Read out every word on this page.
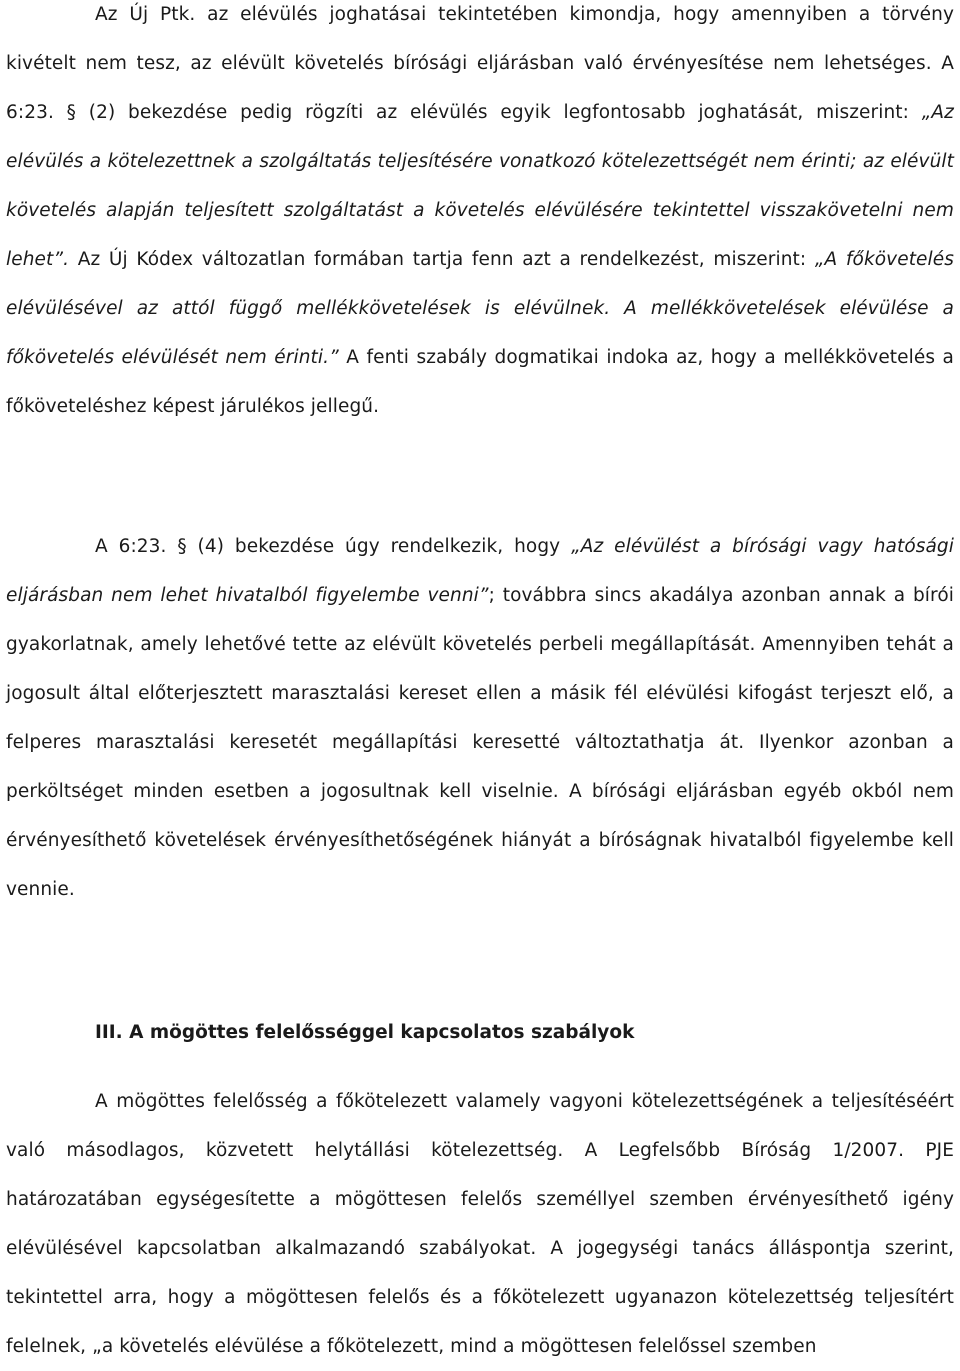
Az Új Ptk. az elévülés joghatásai tekintetében kimondja, hogy amennyiben a törvény kivételt nem tesz, az elévült követelés bírósági eljárásban való érvényesítése nem lehetséges. A 6:23. § (2) bekezdése pedig rögzíti az elévülés egyik legfontosabb joghatását, miszerint: „Az elévülés a kötelezettnek a szolgáltatás teljesítésére vonatkozó kötelezettségét nem érinti; az elévült követelés alapján teljesített szolgáltatást a követelés elévülésére tekintettel visszakövetelni nem lehet”. Az Új Kódex változatlan formában tartja fenn azt a rendelkezést, miszerint: „A főkövetelés elévülésével az attól függő mellékkövetelések is elévülnek. A mellékkövetelések elévülése a főkövetelés elévülését nem érinti.” A fenti szabály dogmatikai indoka az, hogy a mellékkövetelés a főköveteléshez képest járulékos jellegű.

A 6:23. § (4) bekezdése úgy rendelkezik, hogy „Az elévülést a bírósági vagy hatósági eljárásban nem lehet hivatalból figyelembe venni”; továbbra sincs akadálya azonban annak a bírói gyakorlatnak, amely lehetővé tette az elévült követelés perbeli megállapítását. Amennyiben tehát a jogosult által előterjesztett marasztalási kereset ellen a másik fél elévülési kifogást terjeszt elő, a felperes marasztalási keresetét megállapítási keresetté változtathatja át. Ilyenkor azonban a perköltséget minden esetben a jogosultnak kell viselnie. A bírósági eljárásban egyéb okból nem érvényesíthető követelések érvényesíthetőségének hiányát a bíróságnak hivatalból figyelembe kell vennie.

III. A mögöttes felelősséggel kapcsolatos szabályok

A mögöttes felelősség a főkötelezett valamely vagyoni kötelezettségének a teljesítéséért való másodlagos, közvetett helytállási kötelezettség. A Legfelsőbb Bíróság 1/2007. PJE határozatában egységesítette a mögöttesen felelős személlyel szemben érvényesíthető igény elévülésével kapcsolatban alkalmazandó szabályokat. A jogegységi tanács álláspontja szerint, tekintettel arra, hogy a mögöttesen felelős és a főkötelezett ugyanazon kötelezettség teljesítért felelnek, „a követelés elévülése a főkötelezett, mind a mögöttesen felelőssel szemben
